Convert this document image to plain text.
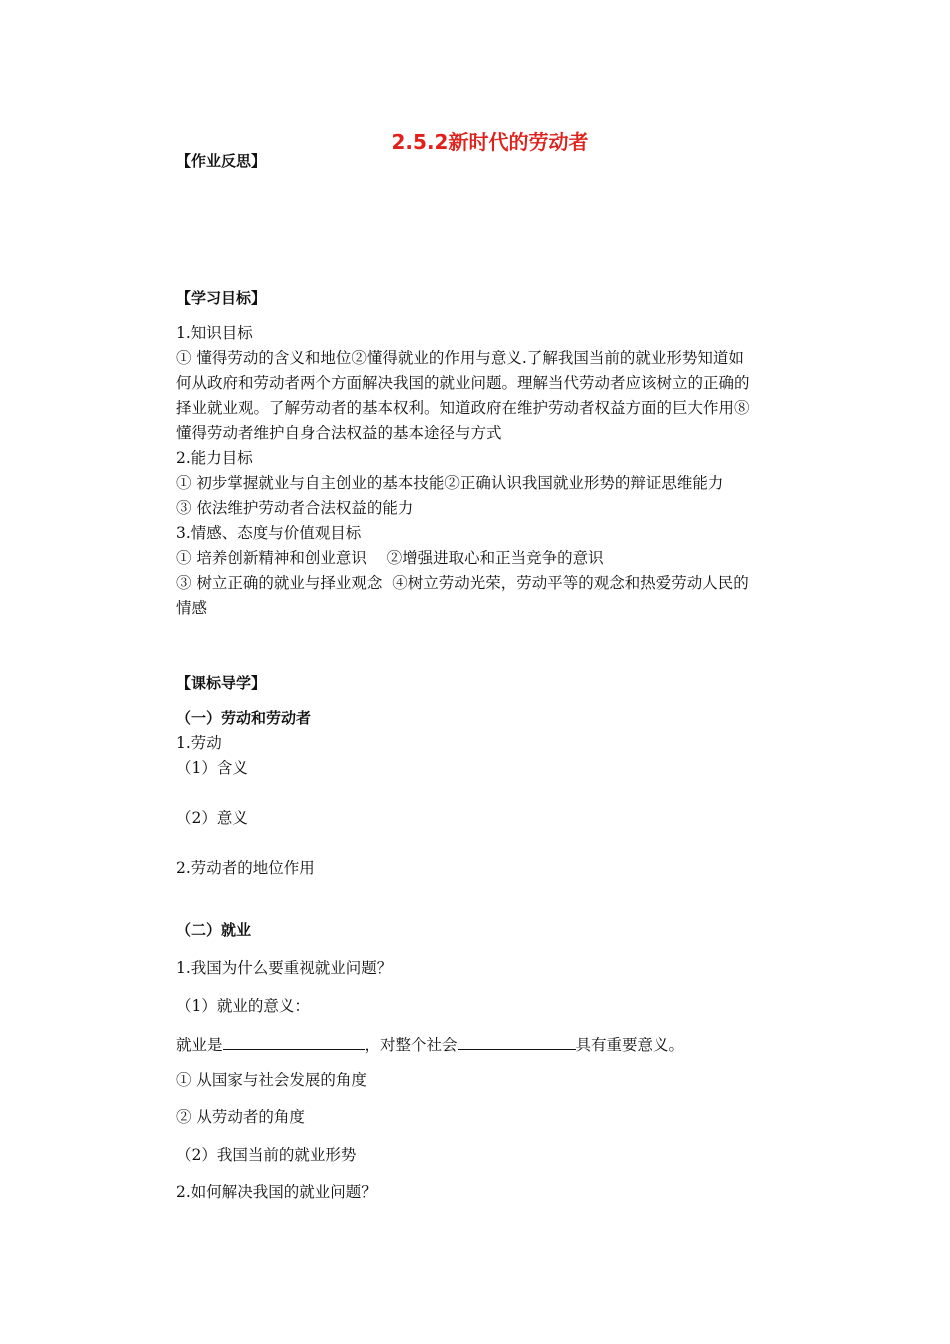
2.5.2新时代的劳动者
【作业反思】
【学习目标】
1.知识目标
① 懂得劳动的含义和地位②懂得就业的作用与意义.了解我国当前的就业形势知道如
何从政府和劳动者两个方面解决我国的就业问题。理解当代劳动者应该树立的正确的
择业就业观。了解劳动者的基本权利。知道政府在维护劳动者权益方面的巨大作用⑧
懂得劳动者维护自身合法权益的基本途径与方式
2.能力目标
① 初步掌握就业与自主创业的基本技能②正确认识我国就业形势的辩证思维能力
③ 依法维护劳动者合法权益的能力
3.情感、态度与价值观目标
① 培养创新精神和创业意识    ②增强进取心和正当竞争的意识
③ 树立正确的就业与择业观念  ④树立劳动光荣，劳动平等的观念和热爱劳动人民的
情感
【课标导学】
（一）劳动和劳动者
1.劳动
（1）含义
（2）意义
2.劳动者的地位作用
（二）就业
1.我国为什么要重视就业问题？
（1）就业的意义：
就业是	，对整个社会	具有重要意义。
① 从国家与社会发展的角度
② 从劳动者的角度
（2）我国当前的就业形势
2.如何解决我国的就业问题？
